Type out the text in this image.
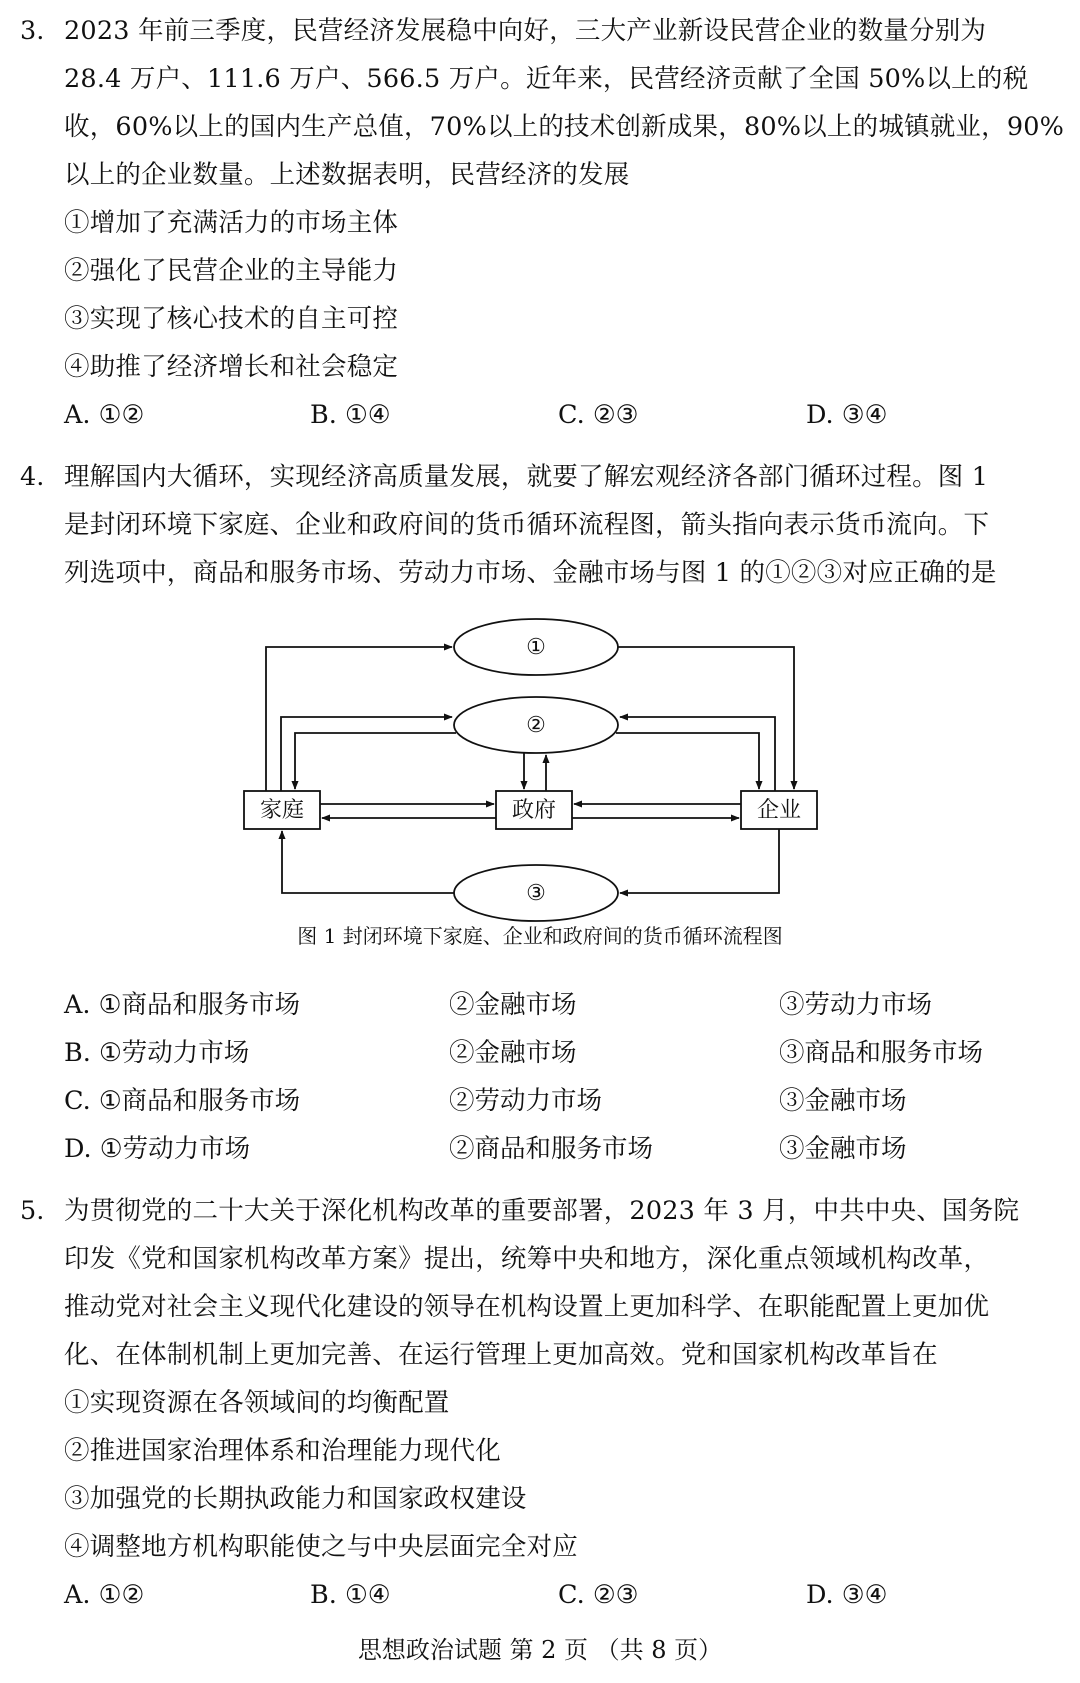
3. 2023 年前三季度，民营经济发展稳中向好，三大产业新设民营企业的数量分别为
28.4 万户、111.6 万户、566.5 万户。近年来，民营经济贡献了全国 50%以上的税
收，60%以上的国内生产总值，70%以上的技术创新成果，80%以上的城镇就业，90%
以上的企业数量。上述数据表明，民营经济的发展
①增加了充满活力的市场主体
②强化了民营企业的主导能力
③实现了核心技术的自主可控
④助推了经济增长和社会稳定
A. ①②	B. ①④	C. ②③	D. ③④
4. 理解国内大循环，实现经济高质量发展，就要了解宏观经济各部门循环过程。图 1
是封闭环境下家庭、企业和政府间的货币循环流程图，箭头指向表示货币流向。下
列选项中，商品和服务市场、劳动力市场、金融市场与图 1 的①②③对应正确的是
①
②
③
家庭	政府	企业
图 1 封闭环境下家庭、企业和政府间的货币循环流程图
A. ①商品和服务市场	②金融市场	③劳动力市场
B. ①劳动力市场	②金融市场	③商品和服务市场
C. ①商品和服务市场	②劳动力市场	③金融市场
D. ①劳动力市场	②商品和服务市场	③金融市场
5. 为贯彻党的二十大关于深化机构改革的重要部署，2023 年 3 月，中共中央、国务院
印发《党和国家机构改革方案》提出，统筹中央和地方，深化重点领域机构改革，
推动党对社会主义现代化建设的领导在机构设置上更加科学、在职能配置上更加优
化、在体制机制上更加完善、在运行管理上更加高效。党和国家机构改革旨在
①实现资源在各领域间的均衡配置
②推进国家治理体系和治理能力现代化
③加强党的长期执政能力和国家政权建设
④调整地方机构职能使之与中央层面完全对应
A. ①②	B. ①④	C. ②③	D. ③④
思想政治试题 第 2 页 （共 8 页）
